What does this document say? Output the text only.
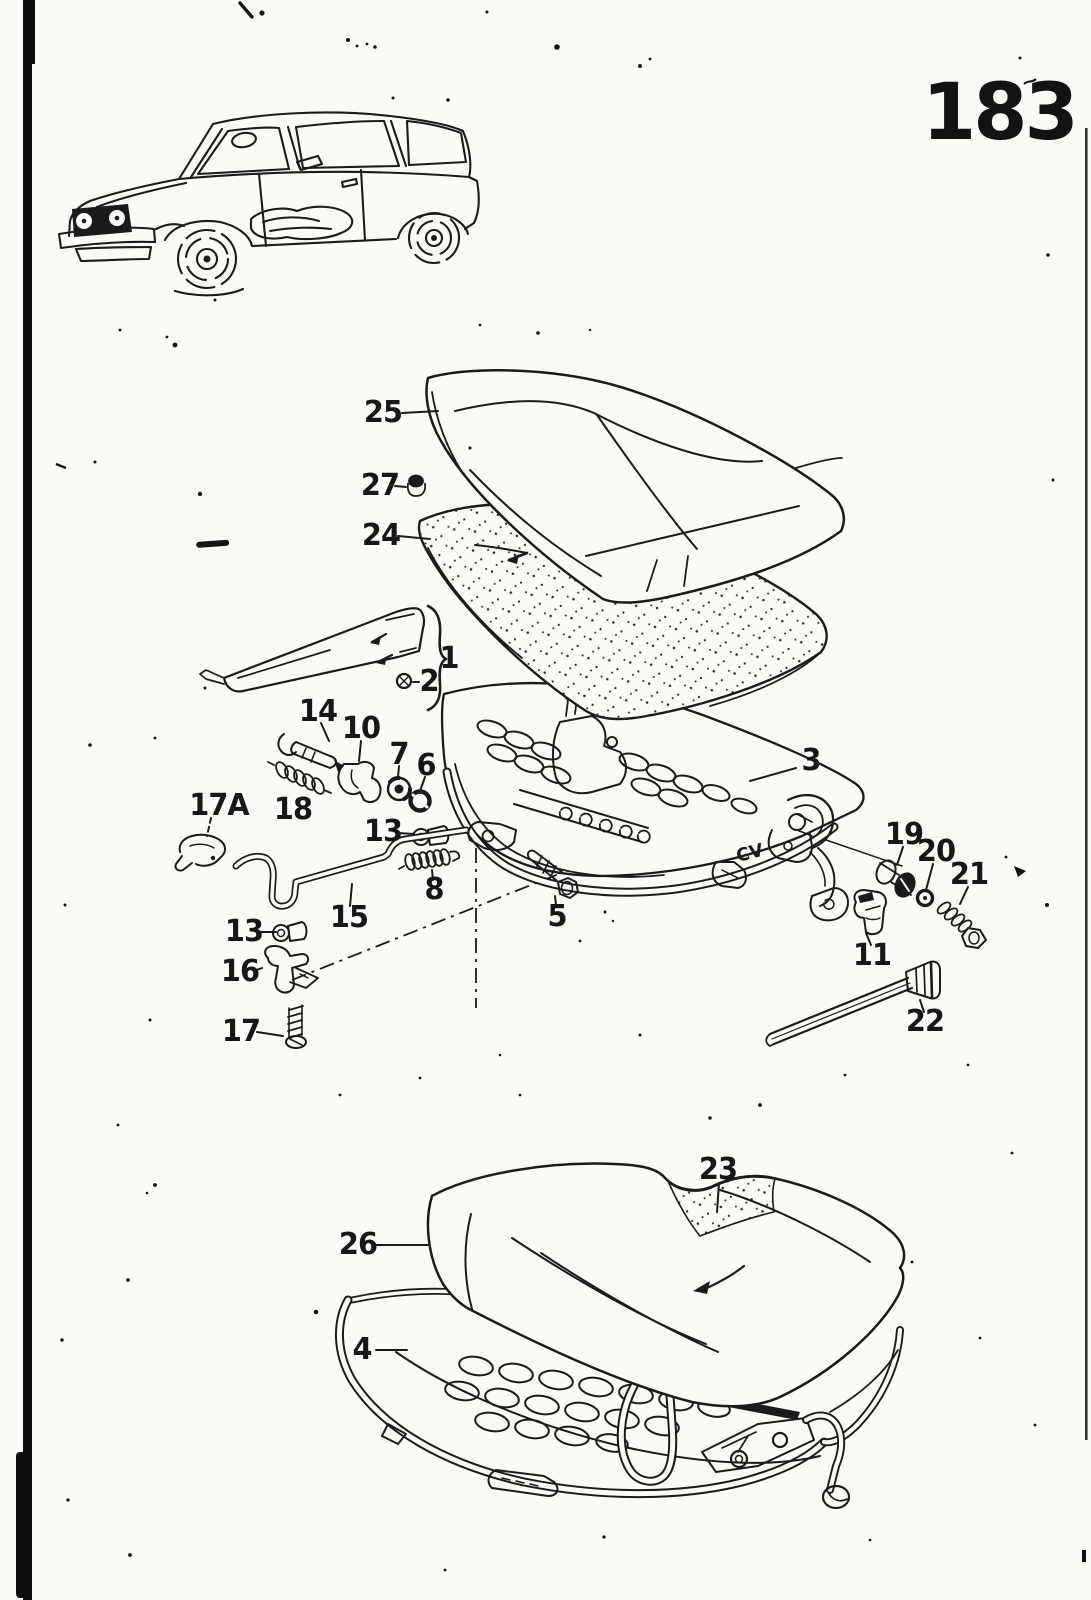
CV
183
25
27
24
1
2
14 10
7 6
17A 18
13
3
19
20
21
8
15	5
13
11
16
22
17
23
26
4
